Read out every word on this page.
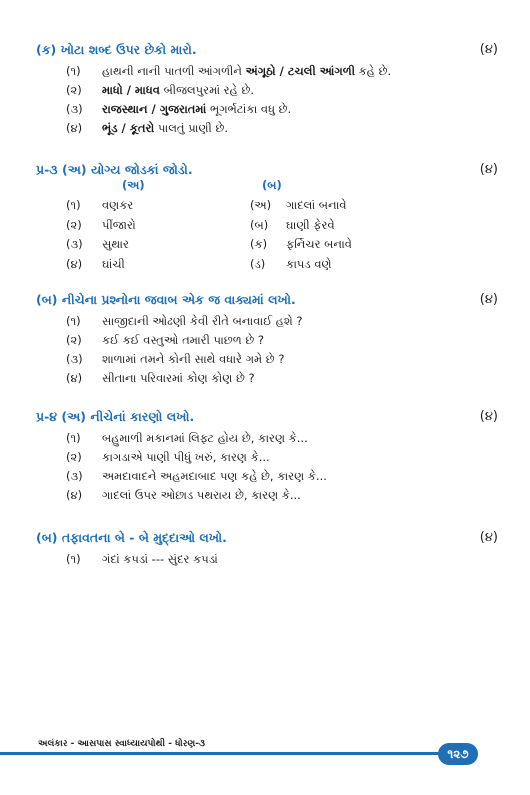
(ક) ખોટા શબ્દ ઉપર છેકો મારો.	(૪)
(૧) હાથની નાની પાતળી આંગળીને અંગૂઠો / ટચલી આંગળી કહે છે.
(૨) માધો / માધવ બીજલપુરમાં રહે છે.
(૩) રાજસ્થાન / ગુજરાતમાં ભૂગર્ભટાંકા વધુ છે.
(૪) ભૂંડ / કૂતરો પાલતું પ્રાણી છે.
પ્ર-૩ (અ) યોગ્ય જોડકાં જોડો.	(૪)
(અ)	(બ)
(૧) વણકર	(અ) ગાદલાં બનાવે
(૨) પીંજારો	(બ) ઘાણી ફેરવે
(૩) સુથાર	(ક) ફર્નિચર બનાવે
(૪) ઘાંચી	(ડ) કાપડ વણે
(બ) નીચેના પ્રશ્નોના જવાબ એક જ વાક્યમાં લખો.	(૪)
(૧) સાજીદાની ઓઢણી કેવી રીતે બનાવાઈ હશે ?
(૨) કઈ કઈ વસ્તુઓ તમારી પાછળ છે ?
(૩) શાળામાં તમને કોની સાથે વધારે ગમે છે ?
(૪) સીતાના પરિવારમાં કોણ કોણ છે ?
પ્ર-૪ (અ) નીચેનાં કારણો લખો.	(૪)
(૧) બહુમાળી મકાનમાં લિફ્ટ હોય છે, કારણ કે...
(૨) કાગડાએ પાણી પીધું ખરું, કારણ કે...
(૩) અમદાવાદને અહમદાબાદ પણ કહે છે, કારણ કે...
(૪) ગાદલાં ઉપર ઓછાડ પથરાય છે, કારણ કે...
(બ) તફાવતના બે - બે મુદ્દાઓ લખો.	(૪)
(૧) ગંદાં કપડાં --- સુંદર કપડાં
અલંકાર - આસપાસ સ્વાધ્યાયપોથી - ધોરણ-૩
૧૨૭
